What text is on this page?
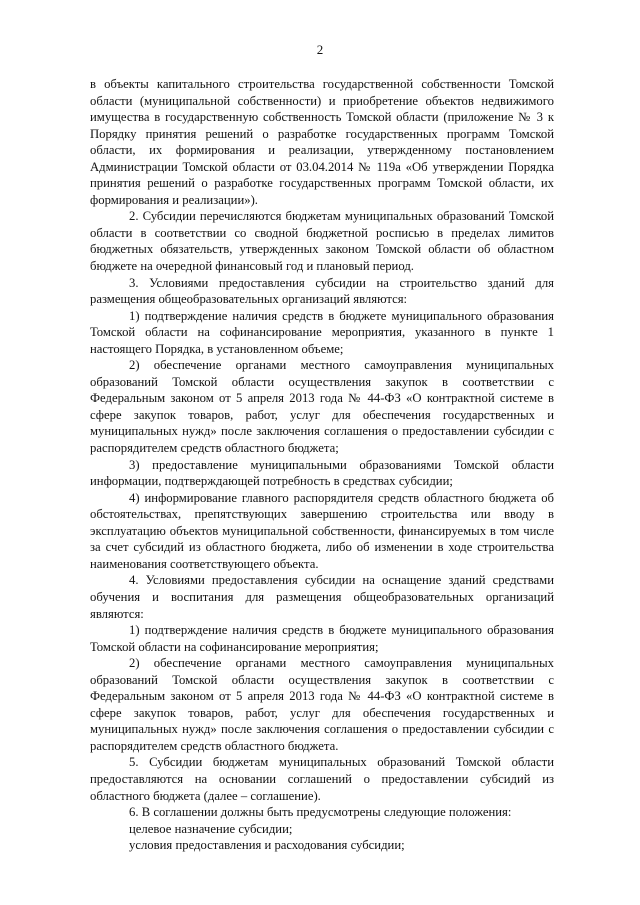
2

в объекты капитального строительства государственной собственности Томской области (муниципальной собственности) и приобретение объектов недвижимого имущества в государственную собственность Томской области (приложение № 3 к Порядку принятия решений о разработке государственных программ Томской области, их формирования и реализации, утвержденному постановлением Администрации Томской области от 03.04.2014 № 119а «Об утверждении Порядка принятия решений о разработке государственных программ Томской области, их формирования и реализации»).

2. Субсидии перечисляются бюджетам муниципальных образований Томской области в соответствии со сводной бюджетной росписью в пределах лимитов бюджетных обязательств, утвержденных законом Томской области об областном бюджете на очередной финансовый год и плановый период.

3. Условиями предоставления субсидии на строительство зданий для размещения общеобразовательных организаций являются:

1) подтверждение наличия средств в бюджете муниципального образования Томской области на софинансирование мероприятия, указанного в пункте 1 настоящего Порядка, в установленном объеме;

2) обеспечение органами местного самоуправления муниципальных образований Томской области осуществления закупок в соответствии с Федеральным законом от 5 апреля 2013 года № 44-ФЗ «О контрактной системе в сфере закупок товаров, работ, услуг для обеспечения государственных и муниципальных нужд» после заключения соглашения о предоставлении субсидии с распорядителем средств областного бюджета;

3) предоставление муниципальными образованиями Томской области информации, подтверждающей потребность в средствах субсидии;

4) информирование главного распорядителя средств областного бюджета об обстоятельствах, препятствующих завершению строительства или вводу в эксплуатацию объектов муниципальной собственности, финансируемых в том числе за счет субсидий из областного бюджета, либо об изменении в ходе строительства наименования соответствующего объекта.

4. Условиями предоставления субсидии на оснащение зданий средствами обучения и воспитания для размещения общеобразовательных организаций являются:

1) подтверждение наличия средств в бюджете муниципального образования Томской области на софинансирование мероприятия;

2) обеспечение органами местного самоуправления муниципальных образований Томской области осуществления закупок в соответствии с Федеральным законом от 5 апреля 2013 года № 44-ФЗ «О контрактной системе в сфере закупок товаров, работ, услуг для обеспечения государственных и муниципальных нужд» после заключения соглашения о предоставлении субсидии с распорядителем средств областного бюджета.

5. Субсидии бюджетам муниципальных образований Томской области предоставляются на основании соглашений о предоставлении субсидий из областного бюджета (далее – соглашение).

6. В соглашении должны быть предусмотрены следующие положения:

целевое назначение субсидии;

условия предоставления и расходования субсидии;
